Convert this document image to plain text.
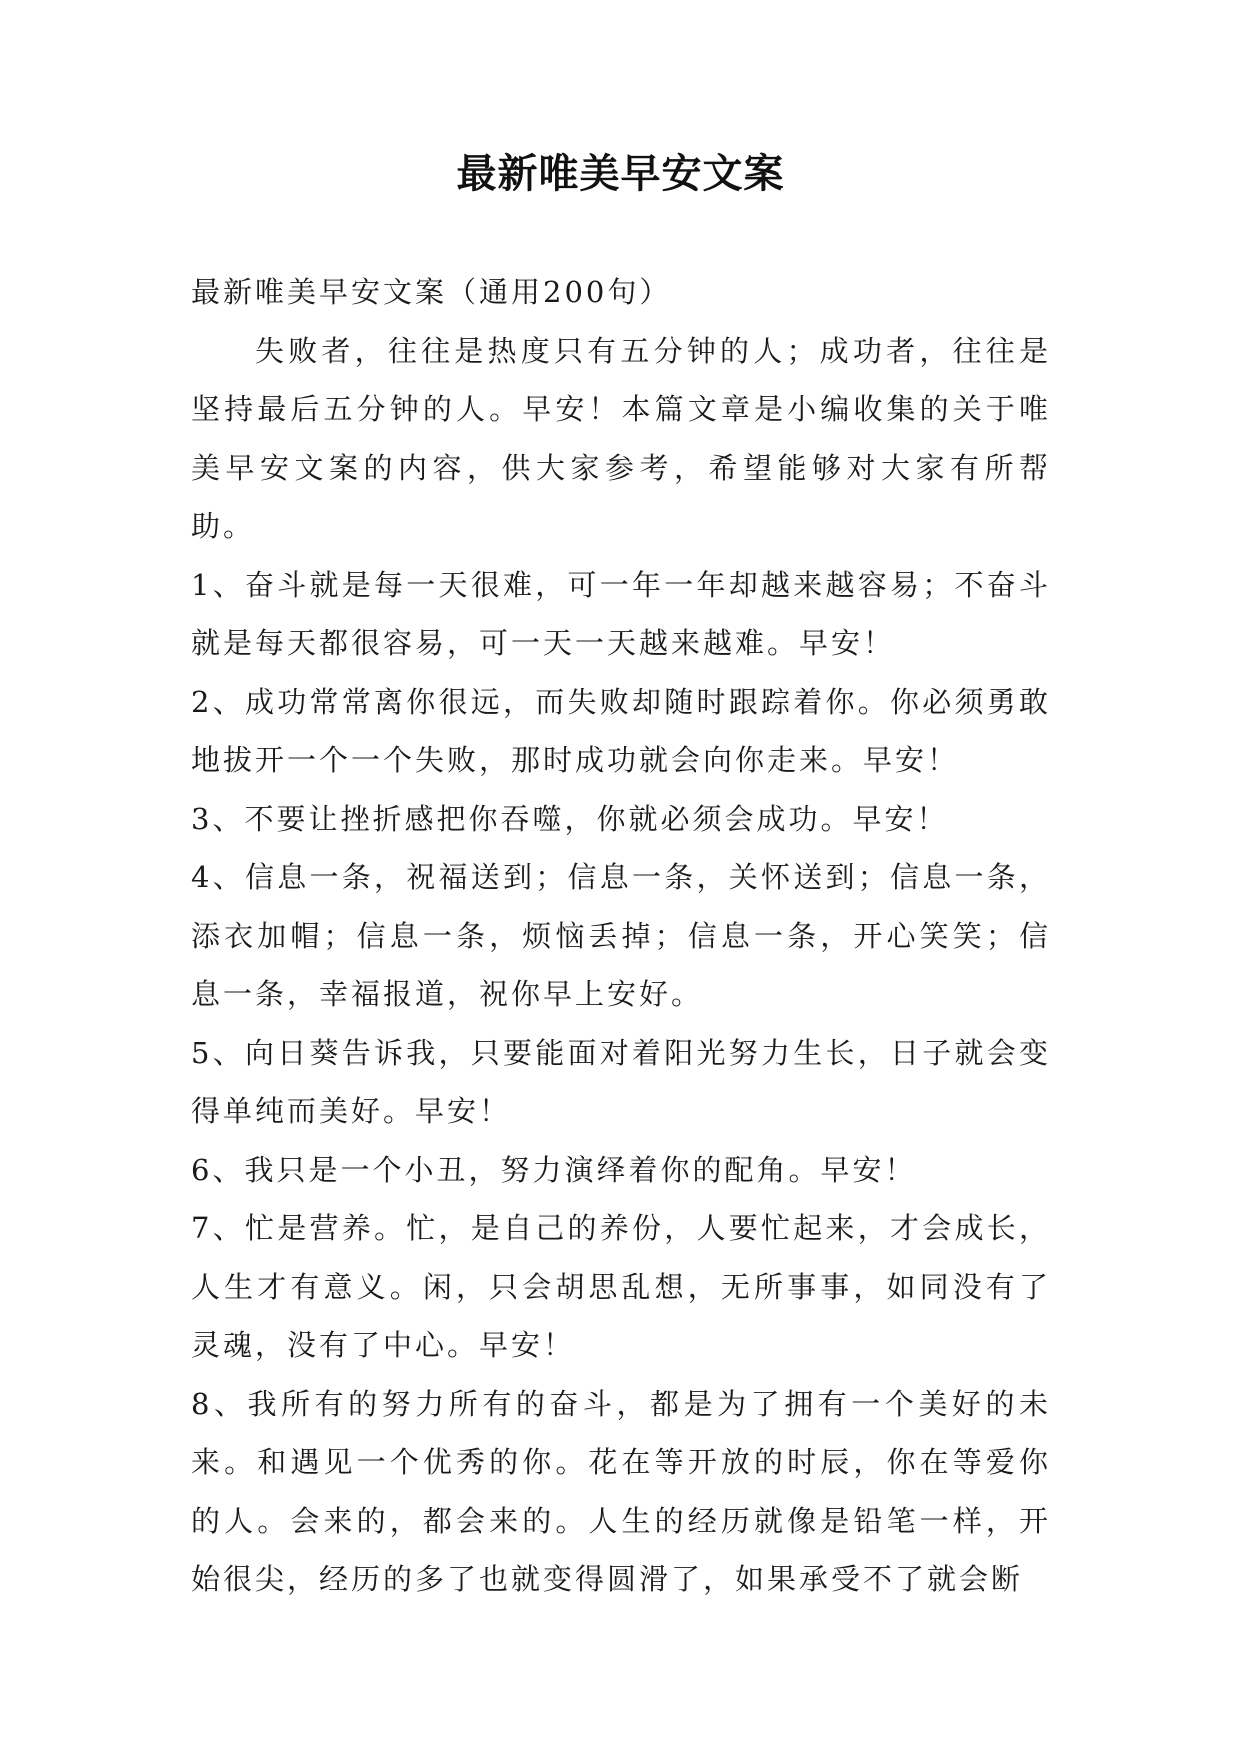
最新唯美早安文案

最新唯美早安文案（通用200句）

失败者，往往是热度只有五分钟的人；成功者，往往是坚持最后五分钟的人。早安！本篇文章是小编收集的关于唯美早安文案的内容，供大家参考，希望能够对大家有所帮助。

1、奋斗就是每一天很难，可一年一年却越来越容易；不奋斗就是每天都很容易，可一天一天越来越难。早安！

2、成功常常离你很远，而失败却随时跟踪着你。你必须勇敢地拔开一个一个失败，那时成功就会向你走来。早安！

3、不要让挫折感把你吞噬，你就必须会成功。早安！

4、信息一条，祝福送到；信息一条，关怀送到；信息一条，添衣加帽；信息一条，烦恼丢掉；信息一条，开心笑笑；信息一条，幸福报道，祝你早上安好。

5、向日葵告诉我，只要能面对着阳光努力生长，日子就会变得单纯而美好。早安！

6、我只是一个小丑，努力演绎着你的配角。早安！

7、忙是营养。忙，是自己的养份，人要忙起来，才会成长，人生才有意义。闲，只会胡思乱想，无所事事，如同没有了灵魂，没有了中心。早安！

8、我所有的努力所有的奋斗，都是为了拥有一个美好的未来。和遇见一个优秀的你。花在等开放的时辰，你在等爱你的人。会来的，都会来的。人生的经历就像是铅笔一样，开始很尖，经历的多了也就变得圆滑了，如果承受不了就会断
